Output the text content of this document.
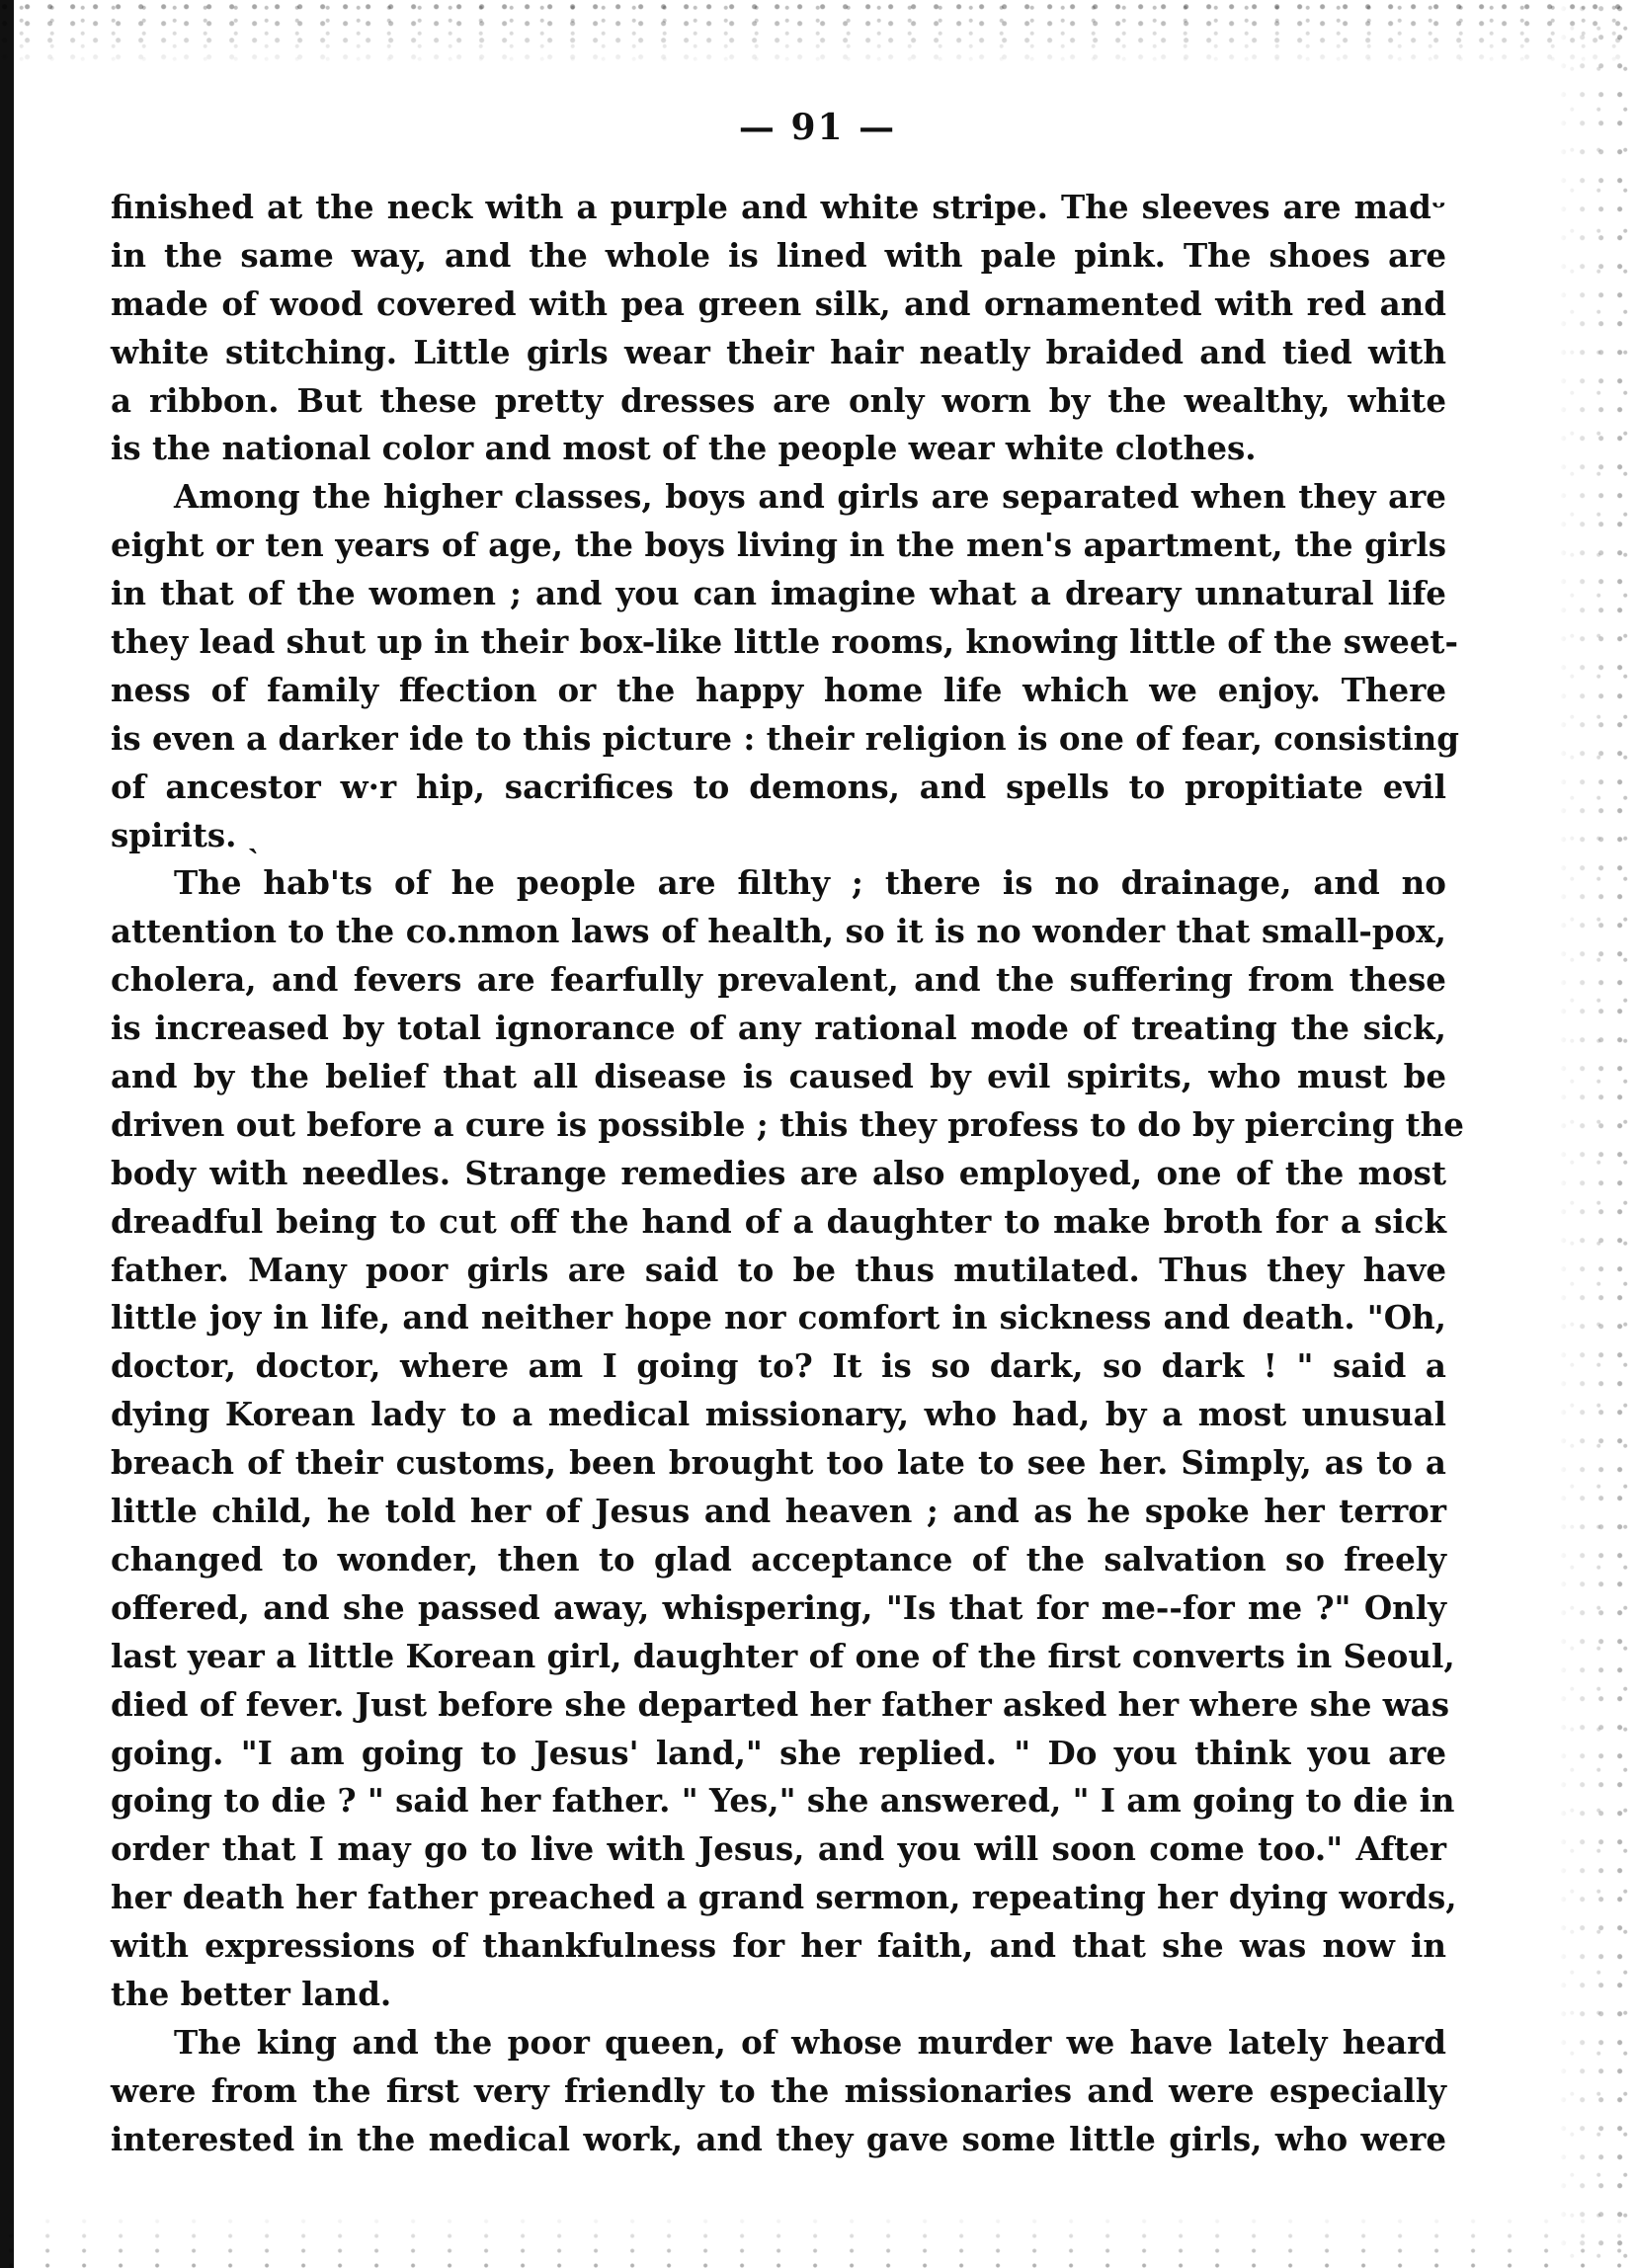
— 91 —
finished at the neck with a purple and white stripe. The sleeves are madᵕ
in the same way, and the whole is lined with pale pink. The shoes are
made of wood covered with pea green silk, and ornamented with red and
white stitching. Little girls wear their hair neatly braided and tied with
a ribbon. But these pretty dresses are only worn by the wealthy, white
is the national color and most of the people wear white clothes.
Among the higher classes, boys and girls are separated when they are
eight or ten years of age, the boys living in the men's apartment, the girls
in that of the women ; and you can imagine what a dreary unnatural life
they lead shut up in their box-like little rooms, knowing little of the sweet-
ness of family ffection or the happy home life which we enjoy. There
is even a darker ide to this picture : their religion is one of fear, consisting
of ancestor w·r hip, sacrifices to demons, and spells to propitiate evil
spirits. ˎ
The hab'ts of he people are filthy ; there is no drainage, and no
attention to the co.nmon laws of health, so it is no wonder that small-pox,
cholera, and fevers are fearfully prevalent, and the suffering from these
is increased by total ignorance of any rational mode of treating the sick,
and by the belief that all disease is caused by evil spirits, who must be
driven out before a cure is possible ; this they profess to do by piercing the
body with needles. Strange remedies are also employed, one of the most
dreadful being to cut off the hand of a daughter to make broth for a sick
father. Many poor girls are said to be thus mutilated. Thus they have
little joy in life, and neither hope nor comfort in sickness and death. "Oh,
doctor, doctor, where am I going to? It is so dark, so dark ! " said a
dying Korean lady to a medical missionary, who had, by a most unusual
breach of their customs, been brought too late to see her. Simply, as to a
little child, he told her of Jesus and heaven ; and as he spoke her terror
changed to wonder, then to glad acceptance of the salvation so freely
offered, and she passed away, whispering, "Is that for me--for me ?" Only
last year a little Korean girl, daughter of one of the first converts in Seoul,
died of fever. Just before she departed her father asked her where she was
going. "I am going to Jesus' land," she replied. " Do you think you are
going to die ? " said her father. " Yes," she answered, " I am going to die in
order that I may go to live with Jesus, and you will soon come too." After
her death her father preached a grand sermon, repeating her dying words,
with expressions of thankfulness for her faith, and that she was now in
the better land.
The king and the poor queen, of whose murder we have lately heard
were from the first very friendly to the missionaries and were especially
interested in the medical work, and they gave some little girls, who were
